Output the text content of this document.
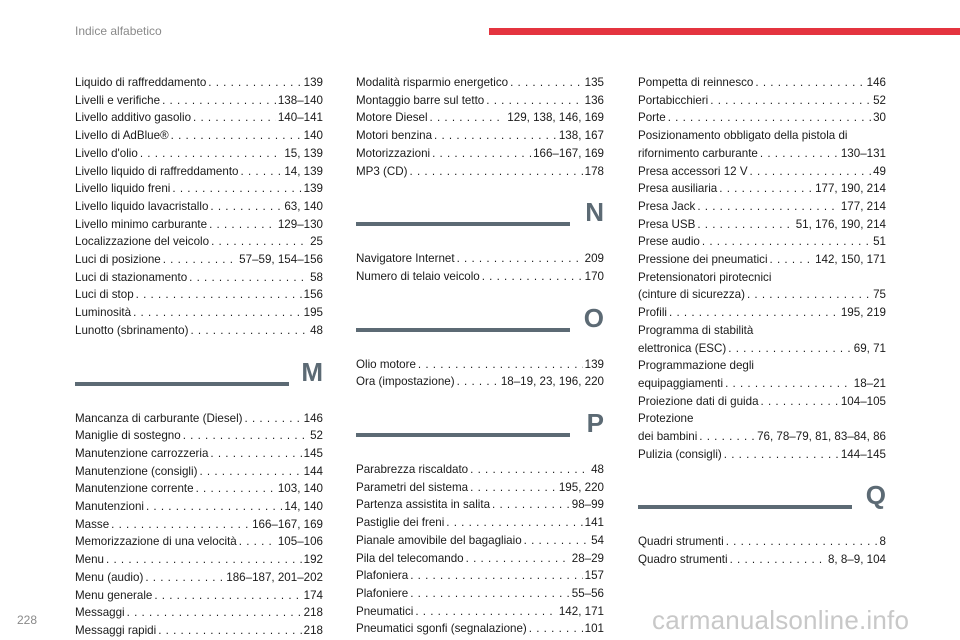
Indice alfabetico
Liquido di raffreddamento . . .	139
Livelli e verifiche . . .	138–140
Livello additivo gasolio . . .	140–141
Livello di AdBlue® . . .	140
Livello d'olio . . .	15, 139
Livello liquido di raffreddamento . . .	14, 139
Livello liquido freni . . .	139
Livello liquido lavacristallo . . .	63, 140
Livello minimo carburante . . .	129–130
Localizzazione del veicolo . . .	25
Luci di posizione . . .	57–59, 154–156
Luci di stazionamento . . .	58
Luci di stop . . .	156
Luminosità . . .	195
Lunotto (sbrinamento) . . .	48
M
Mancanza di carburante (Diesel) . . .	146
Maniglie di sostegno . . .	52
Manutenzione carrozzeria . . .	145
Manutenzione (consigli) . . .	144
Manutenzione corrente . . .	103, 140
Manutenzioni . . .	14, 140
Masse . . .	166–167, 169
Memorizzazione di una velocità . . .	105–106
Menu . . .	192
Menu (audio) . . .	186–187, 201–202
Menu generale . . .	174
Messaggi . . .	218
Messaggi rapidi . . .	218
Modalità risparmio energetico . . .	135
Montaggio barre sul tetto . . .	136
Motore Diesel . . .	129, 138, 146, 169
Motori benzina . . .	138, 167
Motorizzazioni . . .	166–167, 169
MP3 (CD) . . .	178
N
Navigatore Internet . . .	209
Numero di telaio veicolo . . .	170
O
Olio motore . . .	139
Ora (impostazione) . . .	18–19, 23, 196, 220
P
Parabrezza riscaldato . . .	48
Parametri del sistema . . .	195, 220
Partenza assistita in salita . . .	98–99
Pastiglie dei freni . . .	141
Pianale amovibile del bagagliaio . . .	54
Pila del telecomando . . .	28–29
Plafoniera . . .	157
Plafoniere . . .	55–56
Pneumatici . . .	142, 171
Pneumatici sgonfi (segnalazione) . . .	101
Pompetta di reinnesco . . .	146
Portabicchieri . . .	52
Porte . . .	30
Posizionamento obbligato della pistola di
rifornimento carburante . . .	130–131
Presa accessori 12 V . . .	49
Presa ausiliaria . . .	177, 190, 214
Presa Jack . . .	177, 214
Presa USB . . .	51, 176, 190, 214
Prese audio . . .	51
Pressione dei pneumatici . . .	142, 150, 171
Pretensionatori pirotecnici
(cinture di sicurezza) . . .	75
Profili . . .	195, 219
Programma di stabilità
elettronica (ESC) . . .	69, 71
Programmazione degli
equipaggiamenti . . .	18–21
Proiezione dati di guida . . .	104–105
Protezione
dei bambini . . .	76, 78–79, 81, 83–84, 86
Pulizia (consigli) . . .	144–145
Q
Quadri strumenti . . .	8
Quadro strumenti . . .	8, 8–9, 104
228	carmanualsonline.info
